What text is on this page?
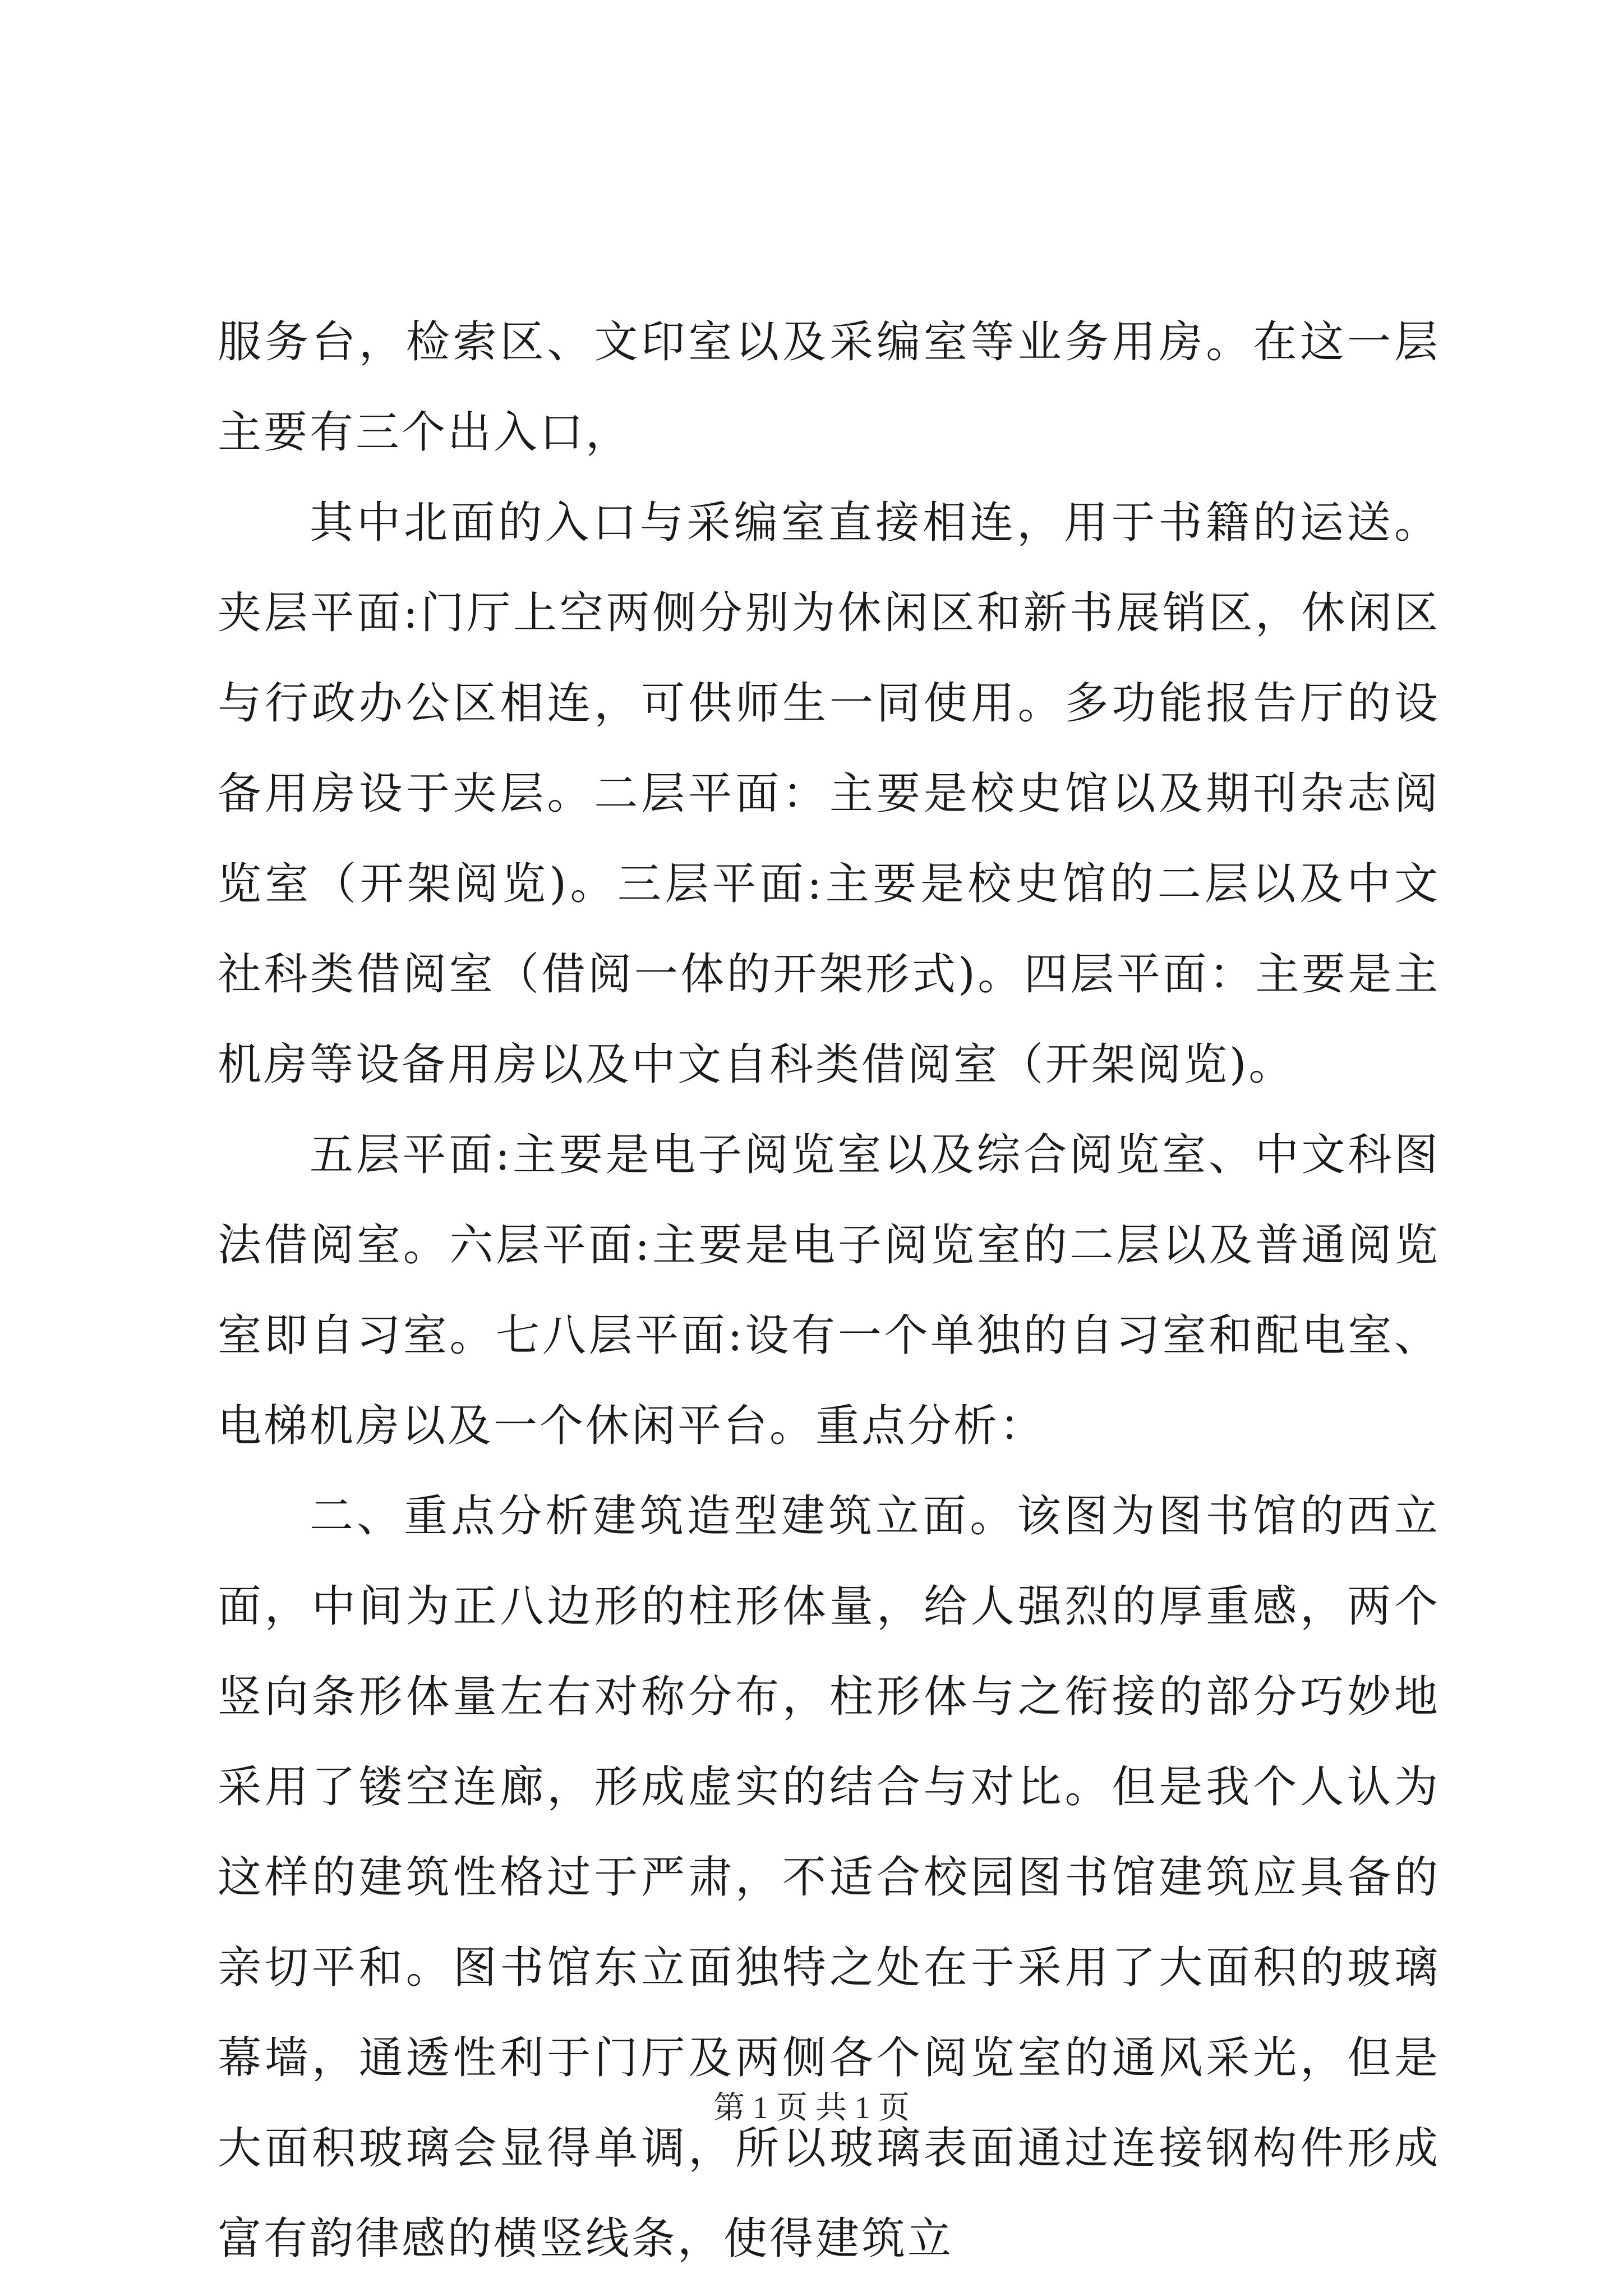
服务台，检索区、文印室以及采编室等业务用房。在这一层主要有三个出入口，

其中北面的入口与采编室直接相连，用于书籍的运送。夹层平面:门厅上空两侧分别为休闲区和新书展销区，休闲区与行政办公区相连，可供师生一同使用。多功能报告厅的设备用房设于夹层。二层平面：主要是校史馆以及期刊杂志阅览室（开架阅览)。三层平面:主要是校史馆的二层以及中文社科类借阅室（借阅一体的开架形式)。四层平面：主要是主机房等设备用房以及中文自科类借阅室（开架阅览)。

五层平面:主要是电子阅览室以及综合阅览室、中文科图法借阅室。六层平面:主要是电子阅览室的二层以及普通阅览室即自习室。七八层平面:设有一个单独的自习室和配电室、电梯机房以及一个休闲平台。重点分析：

二、重点分析建筑造型建筑立面。该图为图书馆的西立面，中间为正八边形的柱形体量，给人强烈的厚重感，两个竖向条形体量左右对称分布，柱形体与之衔接的部分巧妙地采用了镂空连廊，形成虚实的结合与对比。但是我个人认为这样的建筑性格过于严肃，不适合校园图书馆建筑应具备的亲切平和。图书馆东立面独特之处在于采用了大面积的玻璃幕墙，通透性利于门厅及两侧各个阅览室的通风采光，但是大面积玻璃会显得单调，所以玻璃表面通过连接钢构件形成富有韵律感的横竖线条，使得建筑立

第 1 页 共 1 页
